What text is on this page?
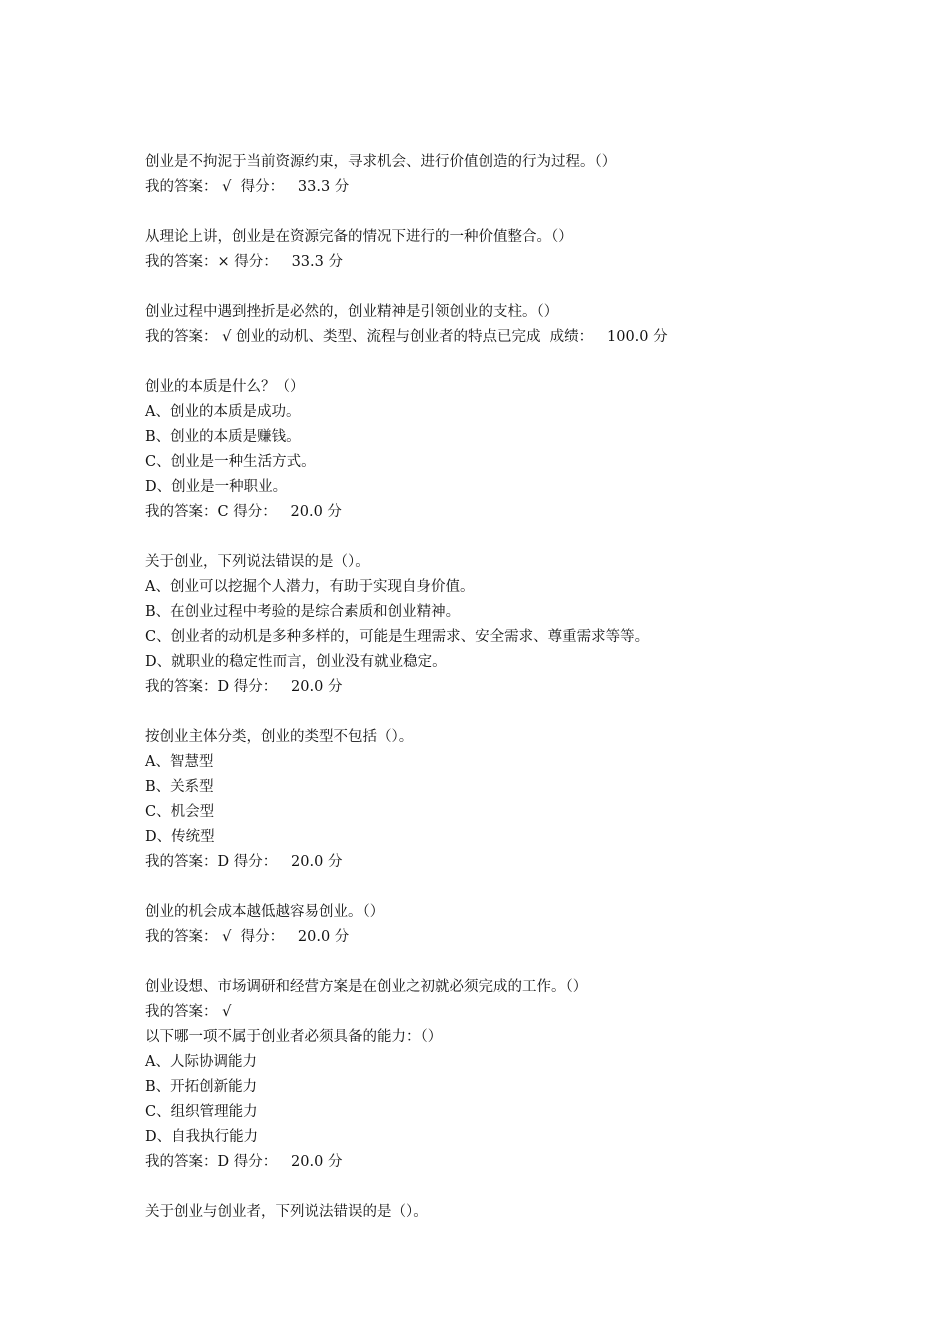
创业是不拘泥于当前资源约束，寻求机会、进行价值创造的行为过程。（）
我的答案： √  得分：   33.3 分
从理论上讲，创业是在资源完备的情况下进行的一种价值整合。（）
我的答案：× 得分：   33.3 分
创业过程中遇到挫折是必然的，创业精神是引领创业的支柱。（）
我的答案： √ 创业的动机、类型、流程与创业者的特点已完成  成绩：   100.0 分
创业的本质是什么？（）
A、创业的本质是成功。
B、创业的本质是赚钱。
C、创业是一种生活方式。
D、创业是一种职业。
我的答案：C 得分：   20.0 分
关于创业，下列说法错误的是（）。
A、创业可以挖掘个人潜力，有助于实现自身价值。
B、在创业过程中考验的是综合素质和创业精神。
C、创业者的动机是多种多样的，可能是生理需求、安全需求、尊重需求等等。
D、就职业的稳定性而言，创业没有就业稳定。
我的答案：D 得分：   20.0 分
按创业主体分类，创业的类型不包括（）。
A、智慧型
B、关系型
C、机会型
D、传统型
我的答案：D 得分：   20.0 分
创业的机会成本越低越容易创业。（）
我的答案： √  得分：   20.0 分
创业设想、市场调研和经营方案是在创业之初就必须完成的工作。（）
我的答案： √
以下哪一项不属于创业者必须具备的能力：（）
A、人际协调能力
B、开拓创新能力
C、组织管理能力
D、自我执行能力
我的答案：D 得分：   20.0 分
关于创业与创业者，下列说法错误的是（）。
